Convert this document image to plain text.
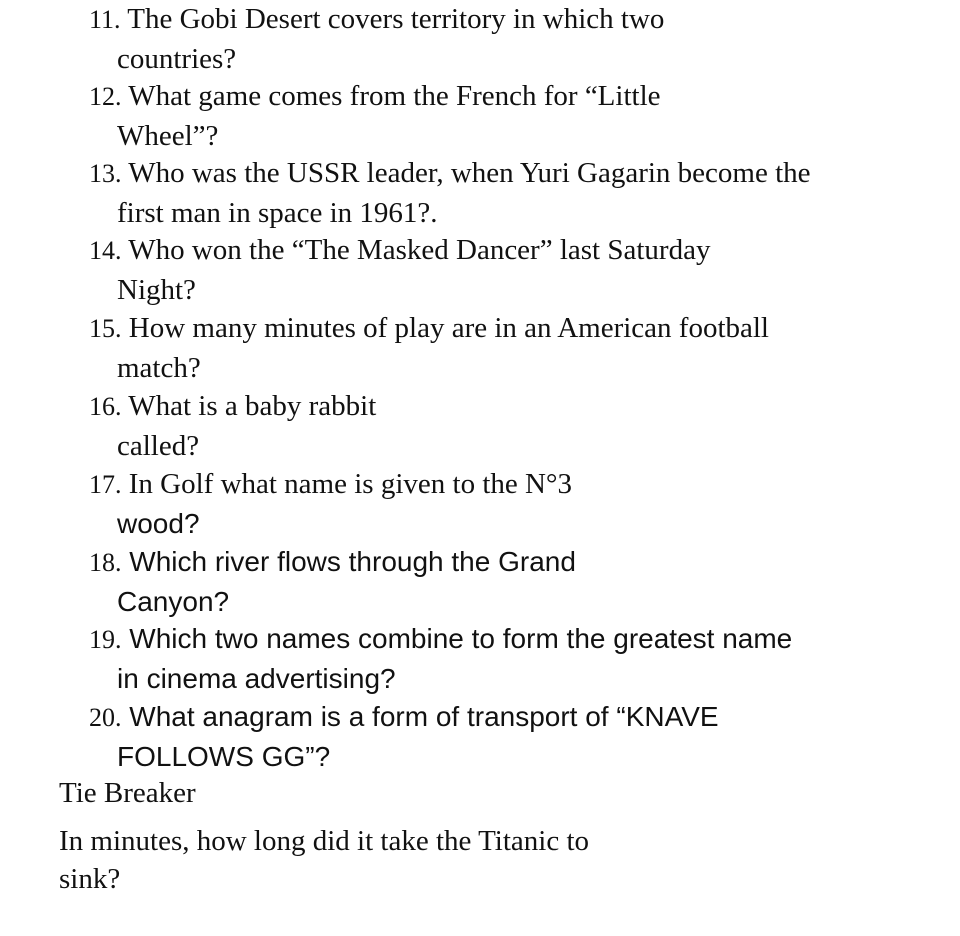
11. The Gobi Desert covers territory in which two
countries?
12. What game comes from the French for “Little
Wheel”?
13. Who was the USSR leader, when Yuri Gagarin become the
first man in space in 1961?.
14. Who won the “The Masked Dancer” last Saturday
Night?
15. How many minutes of play are in an American football
match?
16. What is a baby rabbit
called?
17. In Golf what name is given to the N°3
wood?
18. Which river flows through the Grand
Canyon?
19. Which two names combine to form the greatest name
in cinema advertising?
20. What anagram is a form of transport of “KNAVE
FOLLOWS GG”?
Tie Breaker
In minutes, how long did it take the Titanic to
sink?
